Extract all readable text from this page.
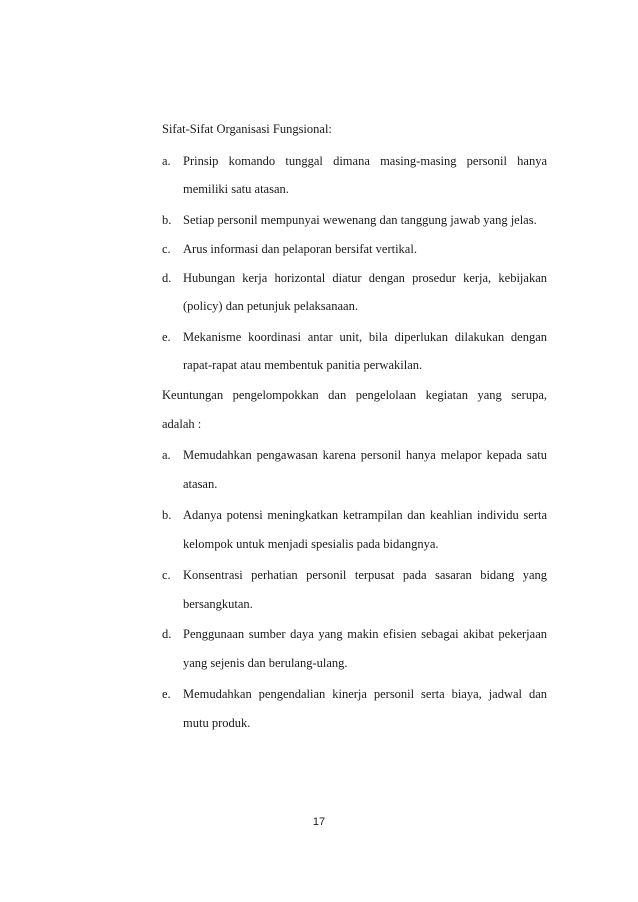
Sifat-Sifat Organisasi Fungsional:
a. Prinsip komando tunggal dimana masing-masing personil hanya
memiliki satu atasan.
b. Setiap personil mempunyai wewenang dan tanggung jawab yang jelas.
c. Arus informasi dan pelaporan bersifat vertikal.
d. Hubungan kerja horizontal diatur dengan prosedur kerja, kebijakan
(policy) dan petunjuk pelaksanaan.
e. Mekanisme koordinasi antar unit, bila diperlukan dilakukan dengan
rapat-rapat atau membentuk panitia perwakilan.
Keuntungan pengelompokkan dan pengelolaan kegiatan yang serupa,
adalah :
a. Memudahkan pengawasan karena personil hanya melapor kepada satu
atasan.
b. Adanya potensi meningkatkan ketrampilan dan keahlian individu serta
kelompok untuk menjadi spesialis pada bidangnya.
c. Konsentrasi perhatian personil terpusat pada sasaran bidang yang
bersangkutan.
d. Penggunaan sumber daya yang makin efisien sebagai akibat pekerjaan
yang sejenis dan berulang-ulang.
e. Memudahkan pengendalian kinerja personil serta biaya, jadwal dan
mutu produk.
17
